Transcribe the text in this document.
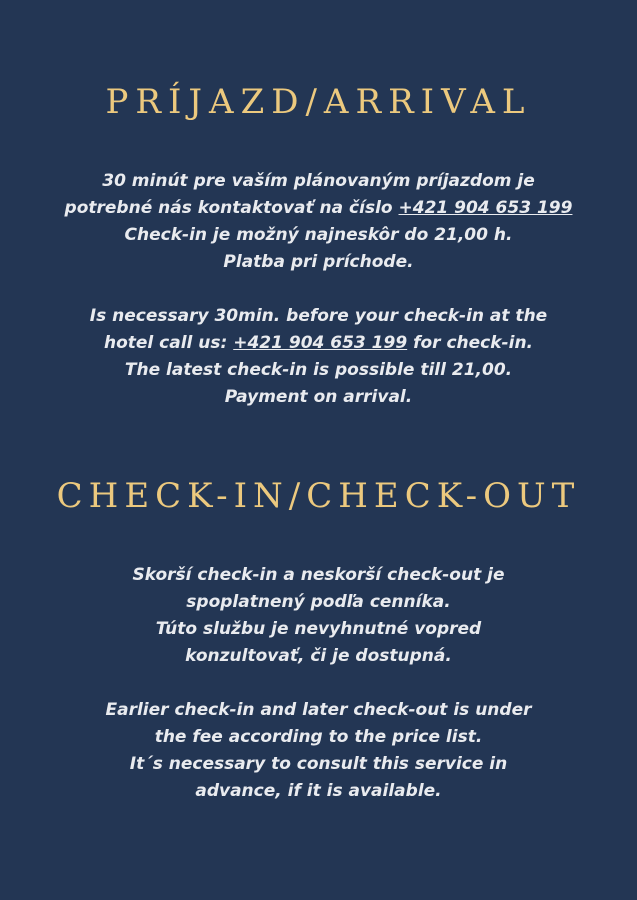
PRÍJAZD/ARRIVAL
30 minút pre vaším plánovaným príjazdom je
potrebné nás kontaktovať na číslo +421 904 653 199
Check-in je možný najneskôr do 21,00 h.
Platba pri príchode.
Is necessary 30min. before your check-in at the
hotel call us: +421 904 653 199 for check-in.
The latest check-in is possible till 21,00.
Payment on arrival.
CHECK-IN/CHECK-OUT
Skorší check-in a neskorší check-out je
spoplatnený podľa cenníka.
Túto službu je nevyhnutné vopred
konzultovať, či je dostupná.
Earlier check-in and later check-out is under
the fee according to the price list.
It´s necessary to consult this service in
advance, if it is available.
